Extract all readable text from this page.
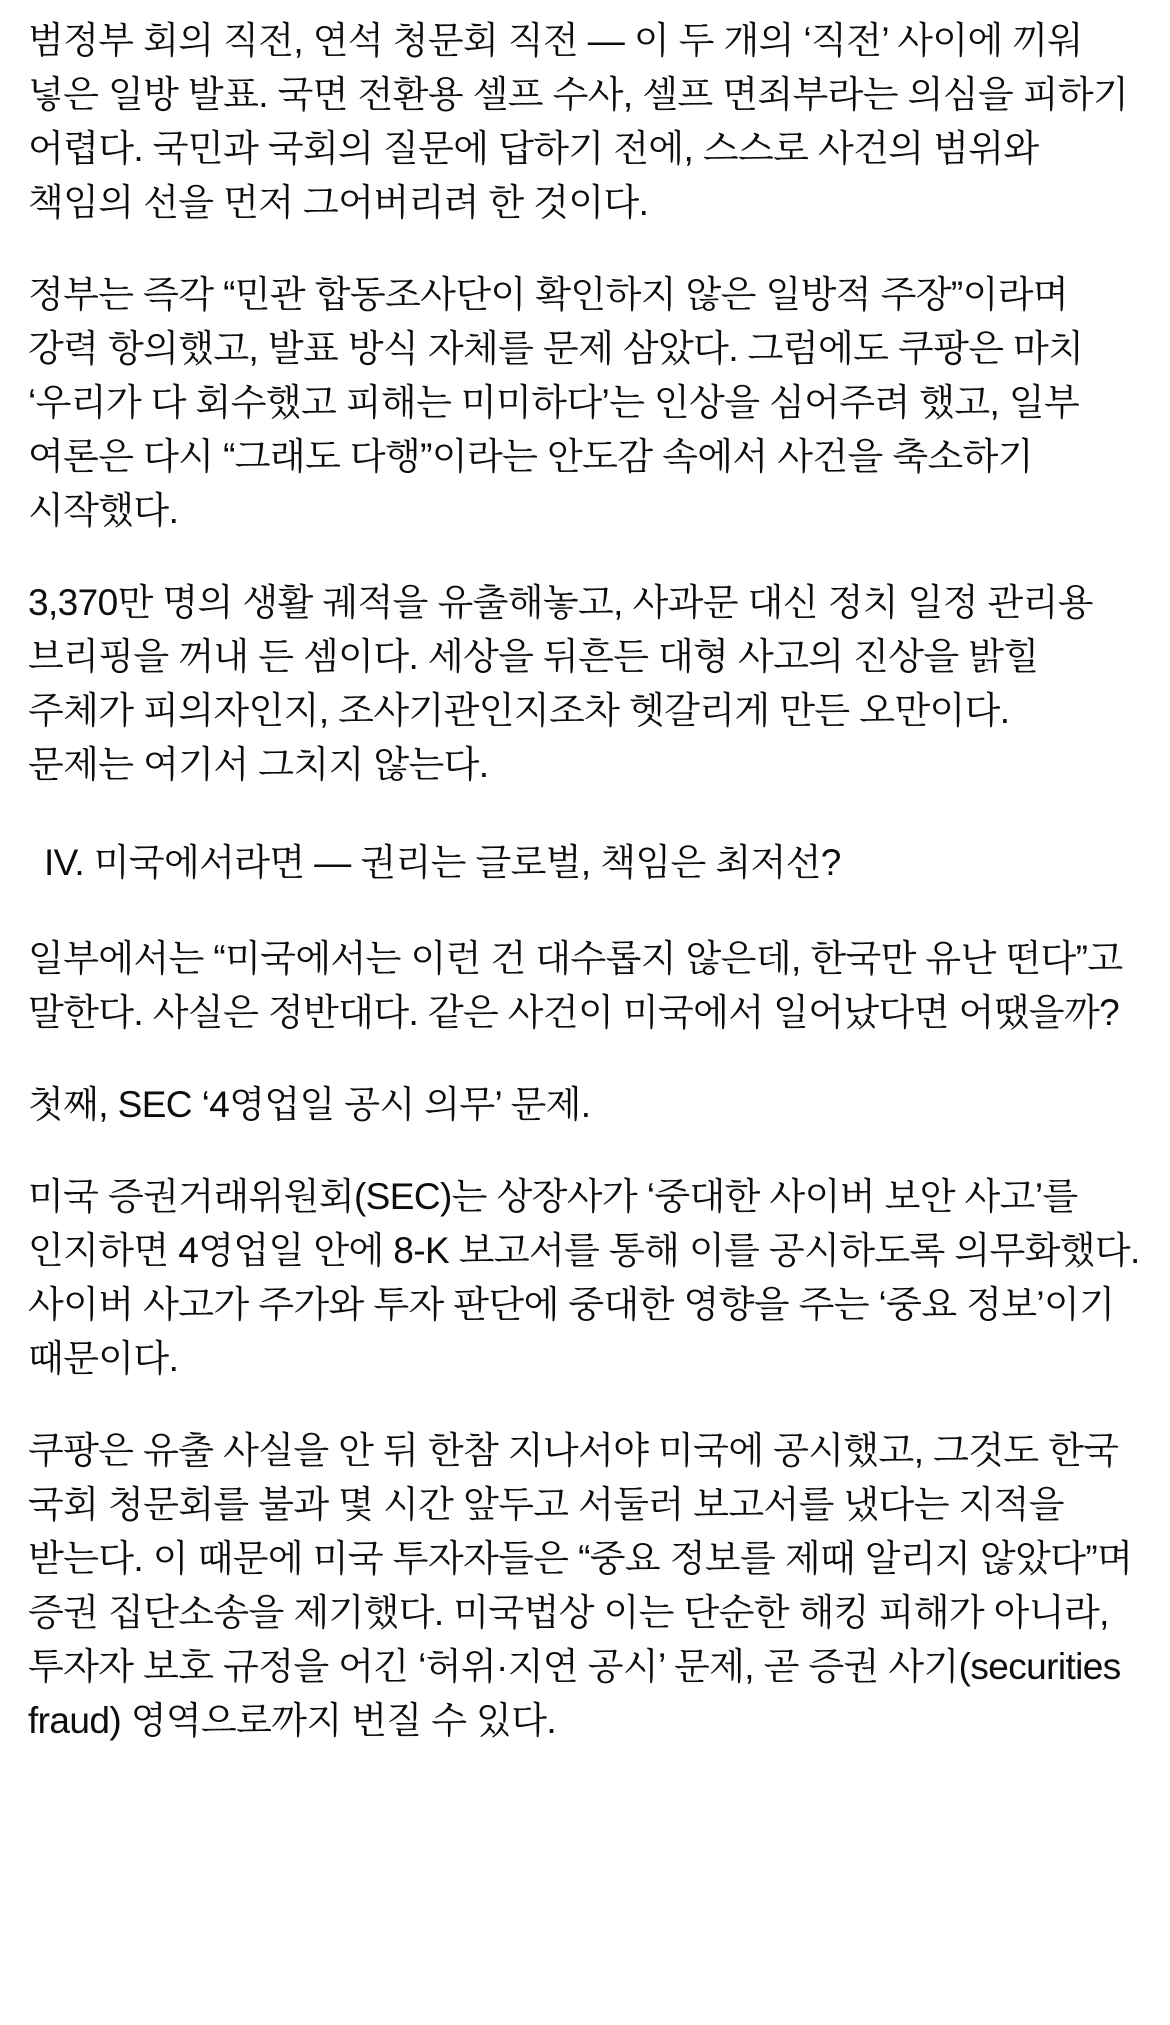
범정부 회의 직전, 연석 청문회 직전 — 이 두 개의 ‘직전’ 사이에 끼워 넣은 일방 발표. 국면 전환용 셀프 수사, 셀프 면죄부라는 의심을 피하기 어렵다. 국민과 국회의 질문에 답하기 전에, 스스로 사건의 범위와 책임의 선을 먼저 그어버리려 한 것이다.

정부는 즉각 “민관 합동조사단이 확인하지 않은 일방적 주장”이라며 강력 항의했고, 발표 방식 자체를 문제 삼았다. 그럼에도 쿠팡은 마치 ‘우리가 다 회수했고 피해는 미미하다’는 인상을 심어주려 했고, 일부 여론은 다시 “그래도 다행”이라는 안도감 속에서 사건을 축소하기 시작했다.

3,370만 명의 생활 궤적을 유출해놓고, 사과문 대신 정치 일정 관리용 브리핑을 꺼내 든 셈이다. 세상을 뒤흔든 대형 사고의 진상을 밝힐 주체가 피의자인지, 조사기관인지조차 헷갈리게 만든 오만이다.

문제는 여기서 그치지 않는다.

IV. 미국에서라면 — 권리는 글로벌, 책임은 최저선?

일부에서는 “미국에서는 이런 건 대수롭지 않은데, 한국만 유난 떤다”고 말한다. 사실은 정반대다. 같은 사건이 미국에서 일어났다면 어땠을까?

첫째, SEC ‘4영업일 공시 의무’ 문제.

미국 증권거래위원회(SEC)는 상장사가 ‘중대한 사이버 보안 사고’를 인지하면 4영업일 안에 8-K 보고서를 통해 이를 공시하도록 의무화했다. 사이버 사고가 주가와 투자 판단에 중대한 영향을 주는 ‘중요 정보’이기 때문이다.

쿠팡은 유출 사실을 안 뒤 한참 지나서야 미국에 공시했고, 그것도 한국 국회 청문회를 불과 몇 시간 앞두고 서둘러 보고서를 냈다는 지적을 받는다. 이 때문에 미국 투자자들은 “중요 정보를 제때 알리지 않았다”며 증권 집단소송을 제기했다. 미국법상 이는 단순한 해킹 피해가 아니라, 투자자 보호 규정을 어긴 ‘허위·지연 공시’ 문제, 곧 증권 사기(securities fraud) 영역으로까지 번질 수 있다.
